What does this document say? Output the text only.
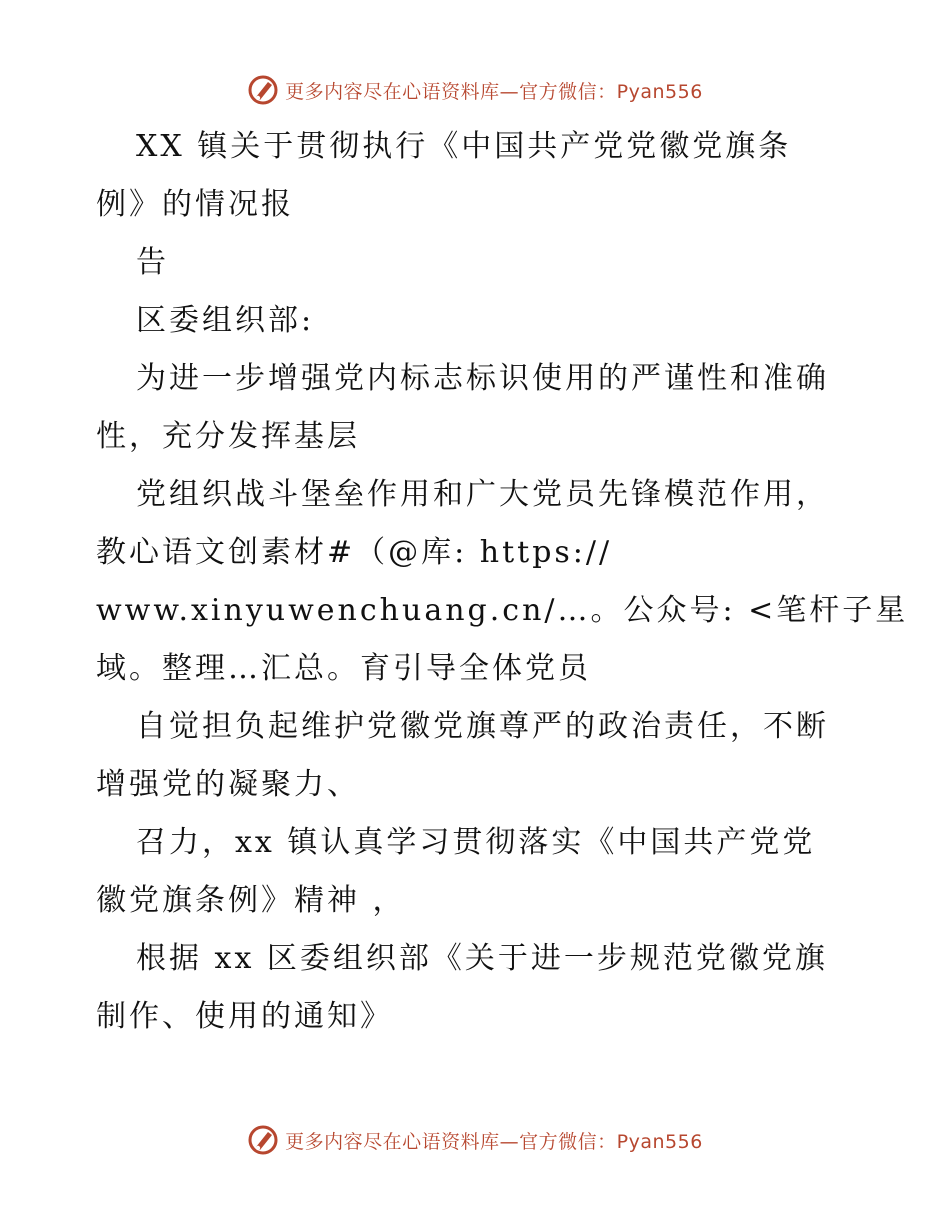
更多内容尽在心语资料库—官方微信：Pyan556
XX 镇关于贯彻执行《中国共产党党徽党旗条
例》的情况报
告
区委组织部:
为进一步增强党内标志标识使用的严谨性和准确
性，充分发挥基层
党组织战斗堡垒作用和广大党员先锋模范作用，
教心语文创素材#（@库: https://
www.xinyuwenchuang.cn/…。公众号: <笔杆子星
域。整理…汇总。育引导全体党员
自觉担负起维护党徽党旗尊严的政治责任，不断
增强党的凝聚力、
召力，xx 镇认真学习贯彻落实《中国共产党党
徽党旗条例》精神 ，
根据 xx 区委组织部《关于进一步规范党徽党旗
制作、使用的通知》
更多内容尽在心语资料库—官方微信：Pyan556
